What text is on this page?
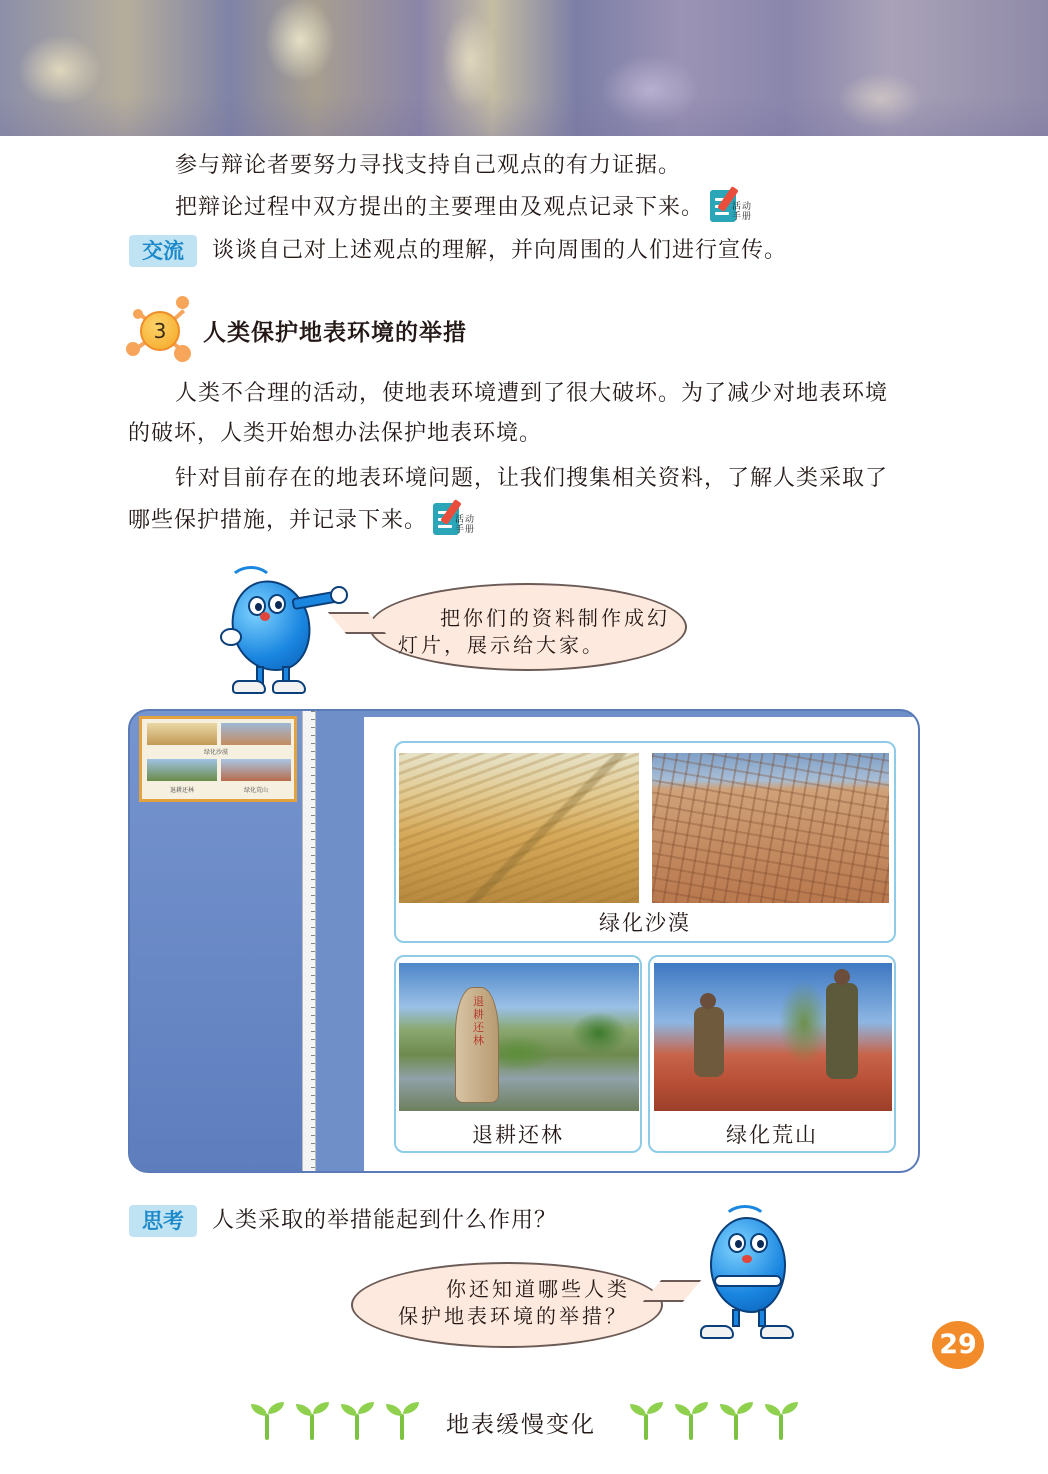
参与辩论者要努力寻找支持自己观点的有力证据。

把辩论过程中双方提出的主要理由及观点记录下来。	活动手册

交流	谈谈自己对上述观点的理解，并向周围的人们进行宣传。

3	人类保护地表环境的举措

人类不合理的活动，使地表环境遭到了很大破坏。为了减少对地表环境

的破坏，人类开始想办法保护地表环境。

针对目前存在的地表环境问题，让我们搜集相关资料，了解人类采取了

哪些保护措施，并记录下来。	活动手册

把你们的资料制作成幻
灯片，展示给大家。
绿化沙漠
退耕还林	绿化荒山
绿化沙漠
退耕还林
退耕还林	绿化荒山
思考	人类采取的举措能起到什么作用？

你还知道哪些人类
保护地表环境的举措？
29
地表缓慢变化
